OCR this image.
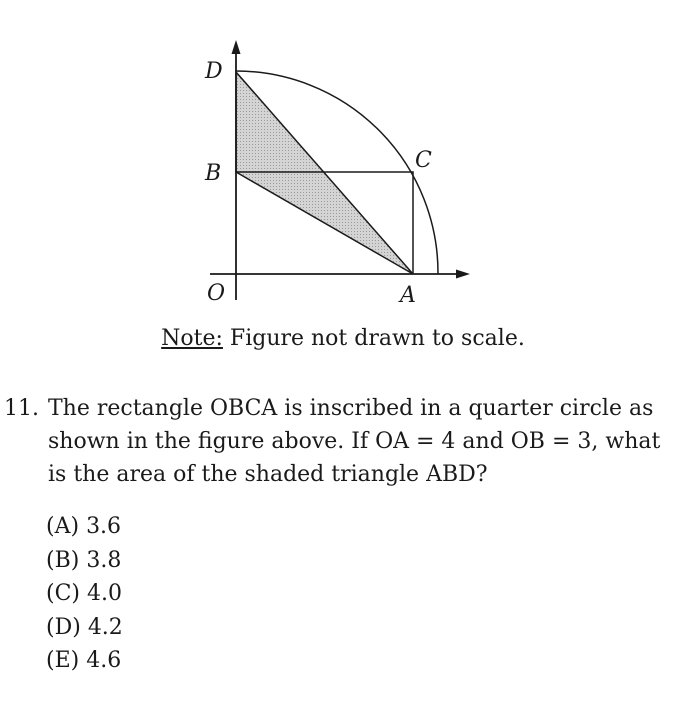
D
B
C
O	A
Note: Figure not drawn to scale.
11. The rectangle OBCA is inscribed in a quarter circle as shown in the figure above. If OA = 4 and OB = 3, what is the area of the shaded triangle ABD?
(A) 3.6
(B) 3.8
(C) 4.0
(D) 4.2
(E) 4.6
